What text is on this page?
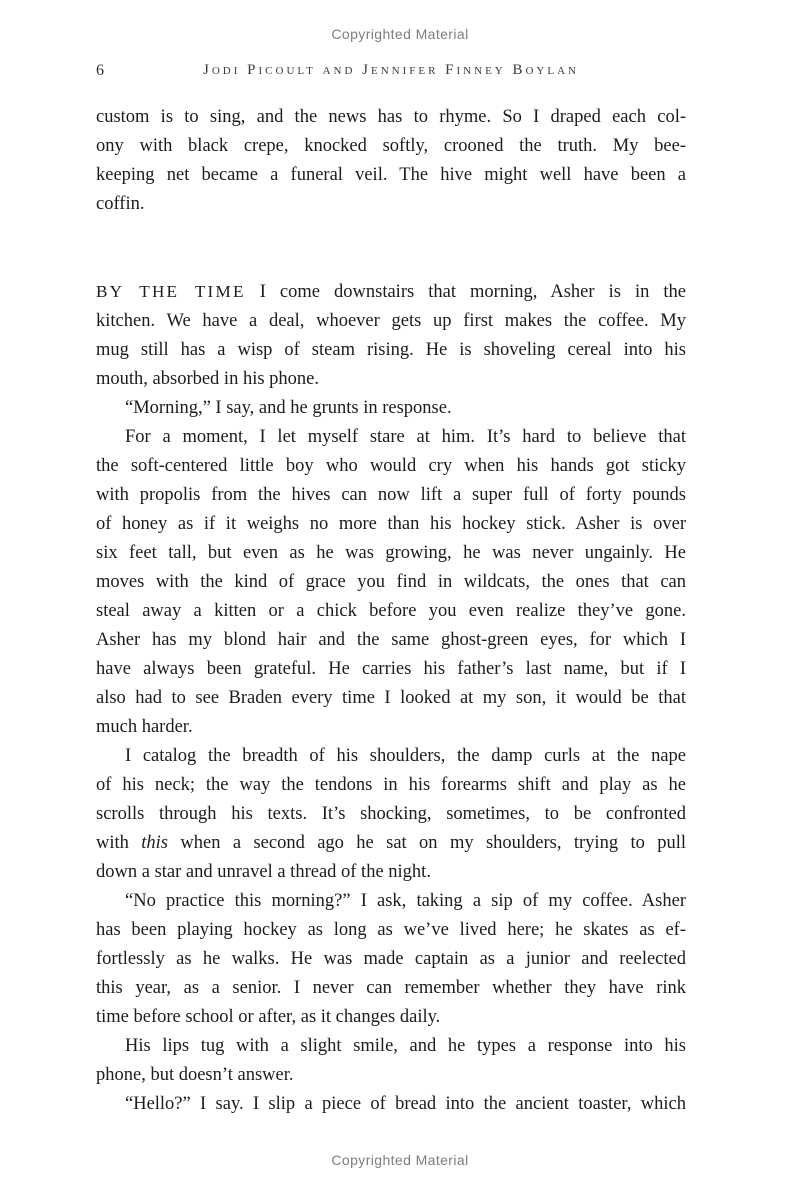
Copyrighted Material
6	Jodi Picoult and Jennifer Finney Boylan

custom is to sing, and the news has to rhyme. So I draped each col-
ony with black crepe, knocked softly, crooned the truth. My bee-
keeping net became a funeral veil. The hive might well have been a
coffin.

BY THE TIME I come downstairs that morning, Asher is in the
kitchen. We have a deal, whoever gets up first makes the coffee. My
mug still has a wisp of steam rising. He is shoveling cereal into his
mouth, absorbed in his phone.

“Morning,” I say, and he grunts in response.

For a moment, I let myself stare at him. It’s hard to believe that
the soft-centered little boy who would cry when his hands got sticky
with propolis from the hives can now lift a super full of forty pounds
of honey as if it weighs no more than his hockey stick. Asher is over
six feet tall, but even as he was growing, he was never ungainly. He
moves with the kind of grace you find in wildcats, the ones that can
steal away a kitten or a chick before you even realize they’ve gone.
Asher has my blond hair and the same ghost-green eyes, for which I
have always been grateful. He carries his father’s last name, but if I
also had to see Braden every time I looked at my son, it would be that
much harder.

I catalog the breadth of his shoulders, the damp curls at the nape
of his neck; the way the tendons in his forearms shift and play as he
scrolls through his texts. It’s shocking, sometimes, to be confronted
with this when a second ago he sat on my shoulders, trying to pull
down a star and unravel a thread of the night.

“No practice this morning?” I ask, taking a sip of my coffee. Asher
has been playing hockey as long as we’ve lived here; he skates as ef-
fortlessly as he walks. He was made captain as a junior and reelected
this year, as a senior. I never can remember whether they have rink
time before school or after, as it changes daily.

His lips tug with a slight smile, and he types a response into his
phone, but doesn’t answer.

“Hello?” I say. I slip a piece of bread into the ancient toaster, which

Copyrighted Material
